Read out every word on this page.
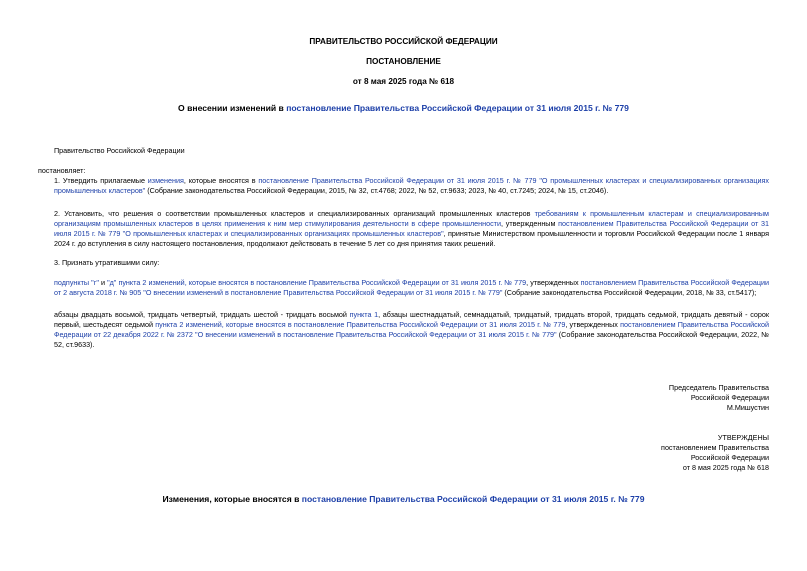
ПРАВИТЕЛЬСТВО РОССИЙСКОЙ ФЕДЕРАЦИИ
ПОСТАНОВЛЕНИЕ
от 8 мая 2025 года № 618
О внесении изменений в постановление Правительства Российской Федерации от 31 июля 2015 г. № 779
Правительство Российской Федерации
постановляет:
1. Утвердить прилагаемые изменения, которые вносятся в постановление Правительства Российской Федерации от 31 июля 2015 г. № 779 "О промышленных кластерах и специализированных организациях промышленных кластеров" (Собрание законодательства Российской Федерации, 2015, № 32, ст.4768; 2022, № 52, ст.9633; 2023, № 40, ст.7245; 2024, № 15, ст.2046).
2. Установить, что решения о соответствии промышленных кластеров и специализированных организаций промышленных кластеров требованиям к промышленным кластерам и специализированным организациям промышленных кластеров в целях применения к ним мер стимулирования деятельности в сфере промышленности, утвержденным постановлением Правительства Российской Федерации от 31 июля 2015 г. № 779 "О промышленных кластерах и специализированных организациях промышленных кластеров", принятые Министерством промышленности и торговли Российской Федерации после 1 января 2024 г. до вступления в силу настоящего постановления, продолжают действовать в течение 5 лет со дня принятия таких решений.
3. Признать утратившими силу:
подпункты "г" и "д" пункта 2 изменений, которые вносятся в постановление Правительства Российской Федерации от 31 июля 2015 г. № 779, утвержденных постановлением Правительства Российской Федерации от 2 августа 2018 г. № 905 "О внесении изменений в постановление Правительства Российской Федерации от 31 июля 2015 г. № 779" (Собрание законодательства Российской Федерации, 2018, № 33, ст.5417);
абзацы двадцать восьмой, тридцать четвертый, тридцать шестой - тридцать восьмой пункта 1, абзацы шестнадцатый, семнадцатый, тридцатый, тридцать второй, тридцать седьмой, тридцать девятый - сорок первый, шестьдесят седьмой пункта 2 изменений, которые вносятся в постановление Правительства Российской Федерации от 31 июля 2015 г. № 779, утвержденных постановлением Правительства Российской Федерации от 22 декабря 2022 г. № 2372 "О внесении изменений в постановление Правительства Российской Федерации от 31 июля 2015 г. № 779" (Собрание законодательства Российской Федерации, 2022, № 52, ст.9633).
Председатель Правительства
Российской Федерации
М.Мишустин
УТВЕРЖДЕНЫ
постановлением Правительства
Российской Федерации
от 8 мая 2025 года № 618
Изменения, которые вносятся в постановление Правительства Российской Федерации от 31 июля 2015 г. № 779
